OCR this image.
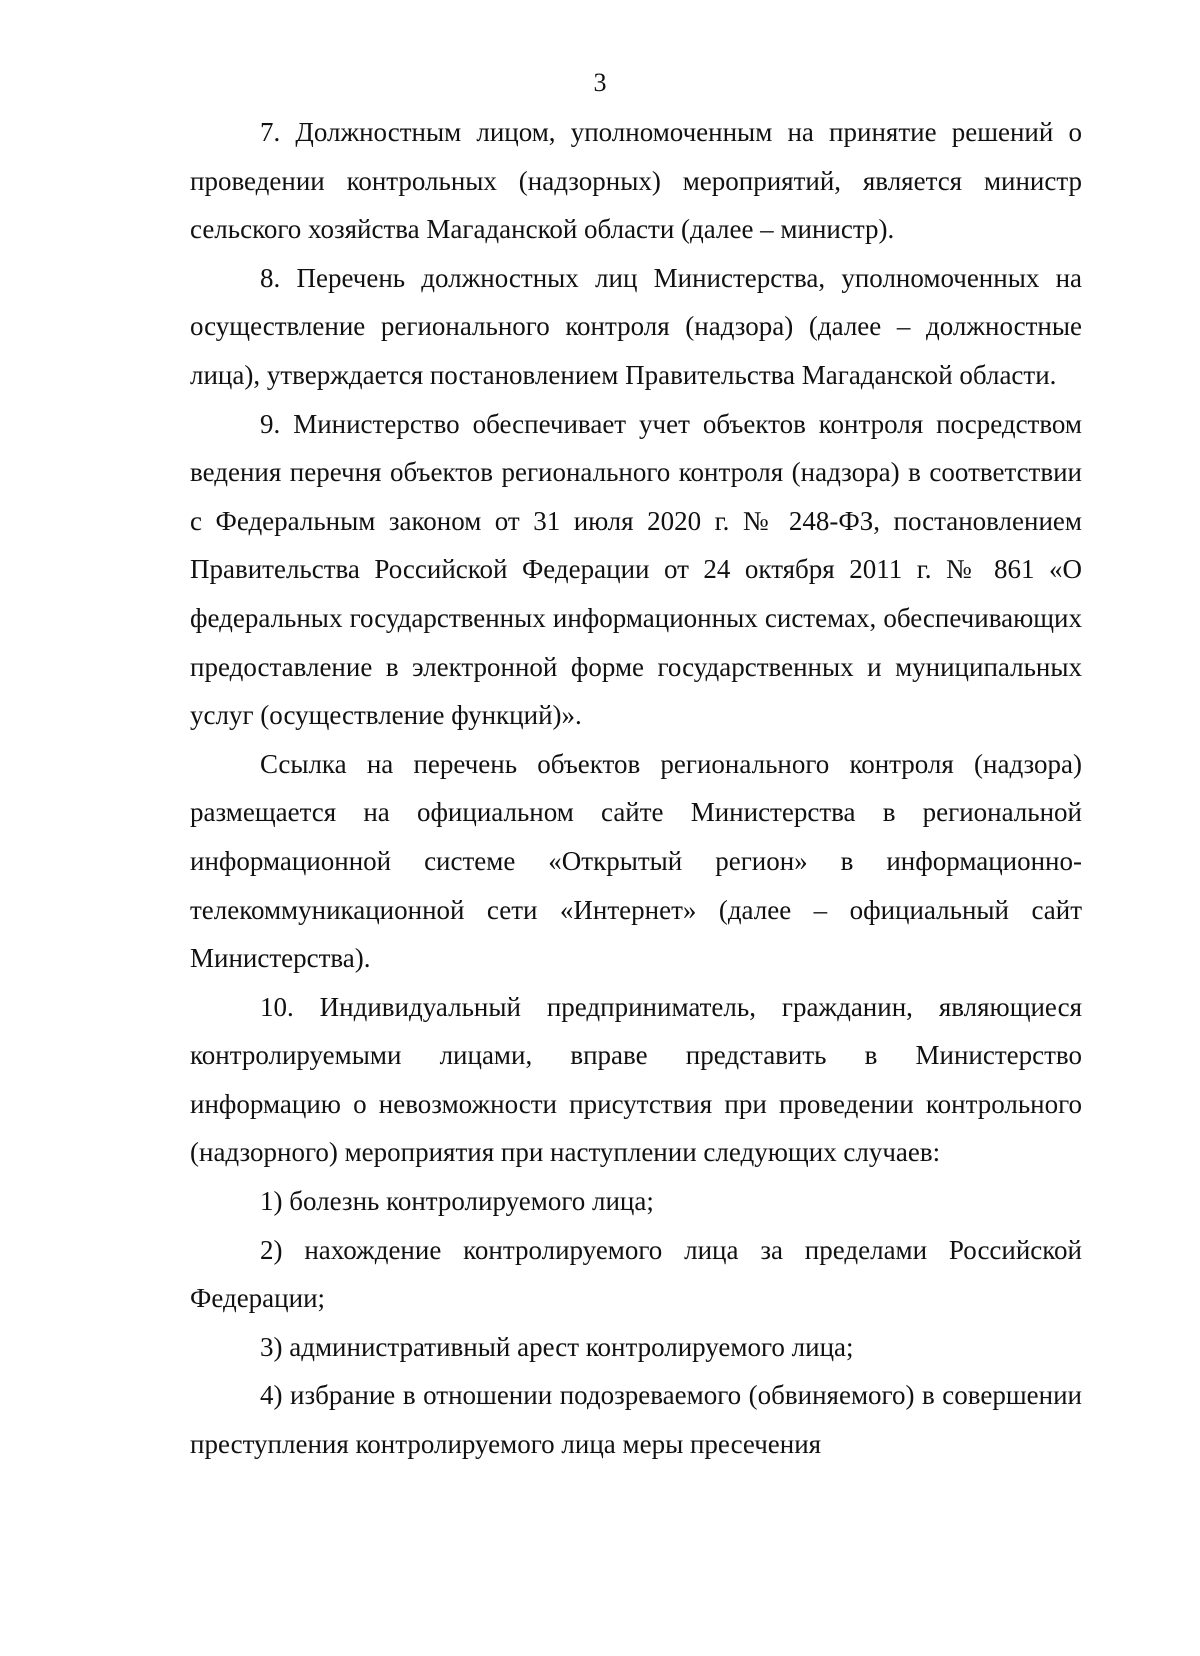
3

7. Должностным лицом, уполномоченным на принятие решений о проведении контрольных (надзорных) мероприятий, является министр сельского хозяйства Магаданской области (далее – министр).

8. Перечень должностных лиц Министерства, уполномоченных на осуществление регионального контроля (надзора) (далее – должностные лица), утверждается постановлением Правительства Магаданской области.

9. Министерство обеспечивает учет объектов контроля посредством ведения перечня объектов регионального контроля (надзора) в соответствии с Федеральным законом от 31 июля 2020 г. № 248-ФЗ, постановлением Правительства Российской Федерации от 24 октября 2011 г. № 861 «О федеральных государственных информационных системах, обеспечивающих предоставление в электронной форме государственных и муниципальных услуг (осуществление функций)».

Ссылка на перечень объектов регионального контроля (надзора) размещается на официальном сайте Министерства в региональной информационной системе «Открытый регион» в информационно-телекоммуникационной сети «Интернет» (далее – официальный сайт Министерства).

10. Индивидуальный предприниматель, гражданин, являющиеся контролируемыми лицами, вправе представить в Министерство информацию о невозможности присутствия при проведении контрольного (надзорного) мероприятия при наступлении следующих случаев:

1) болезнь контролируемого лица;

2) нахождение контролируемого лица за пределами Российской Федерации;

3) административный арест контролируемого лица;

4) избрание в отношении подозреваемого (обвиняемого) в совершении преступления контролируемого лица меры пресечения
